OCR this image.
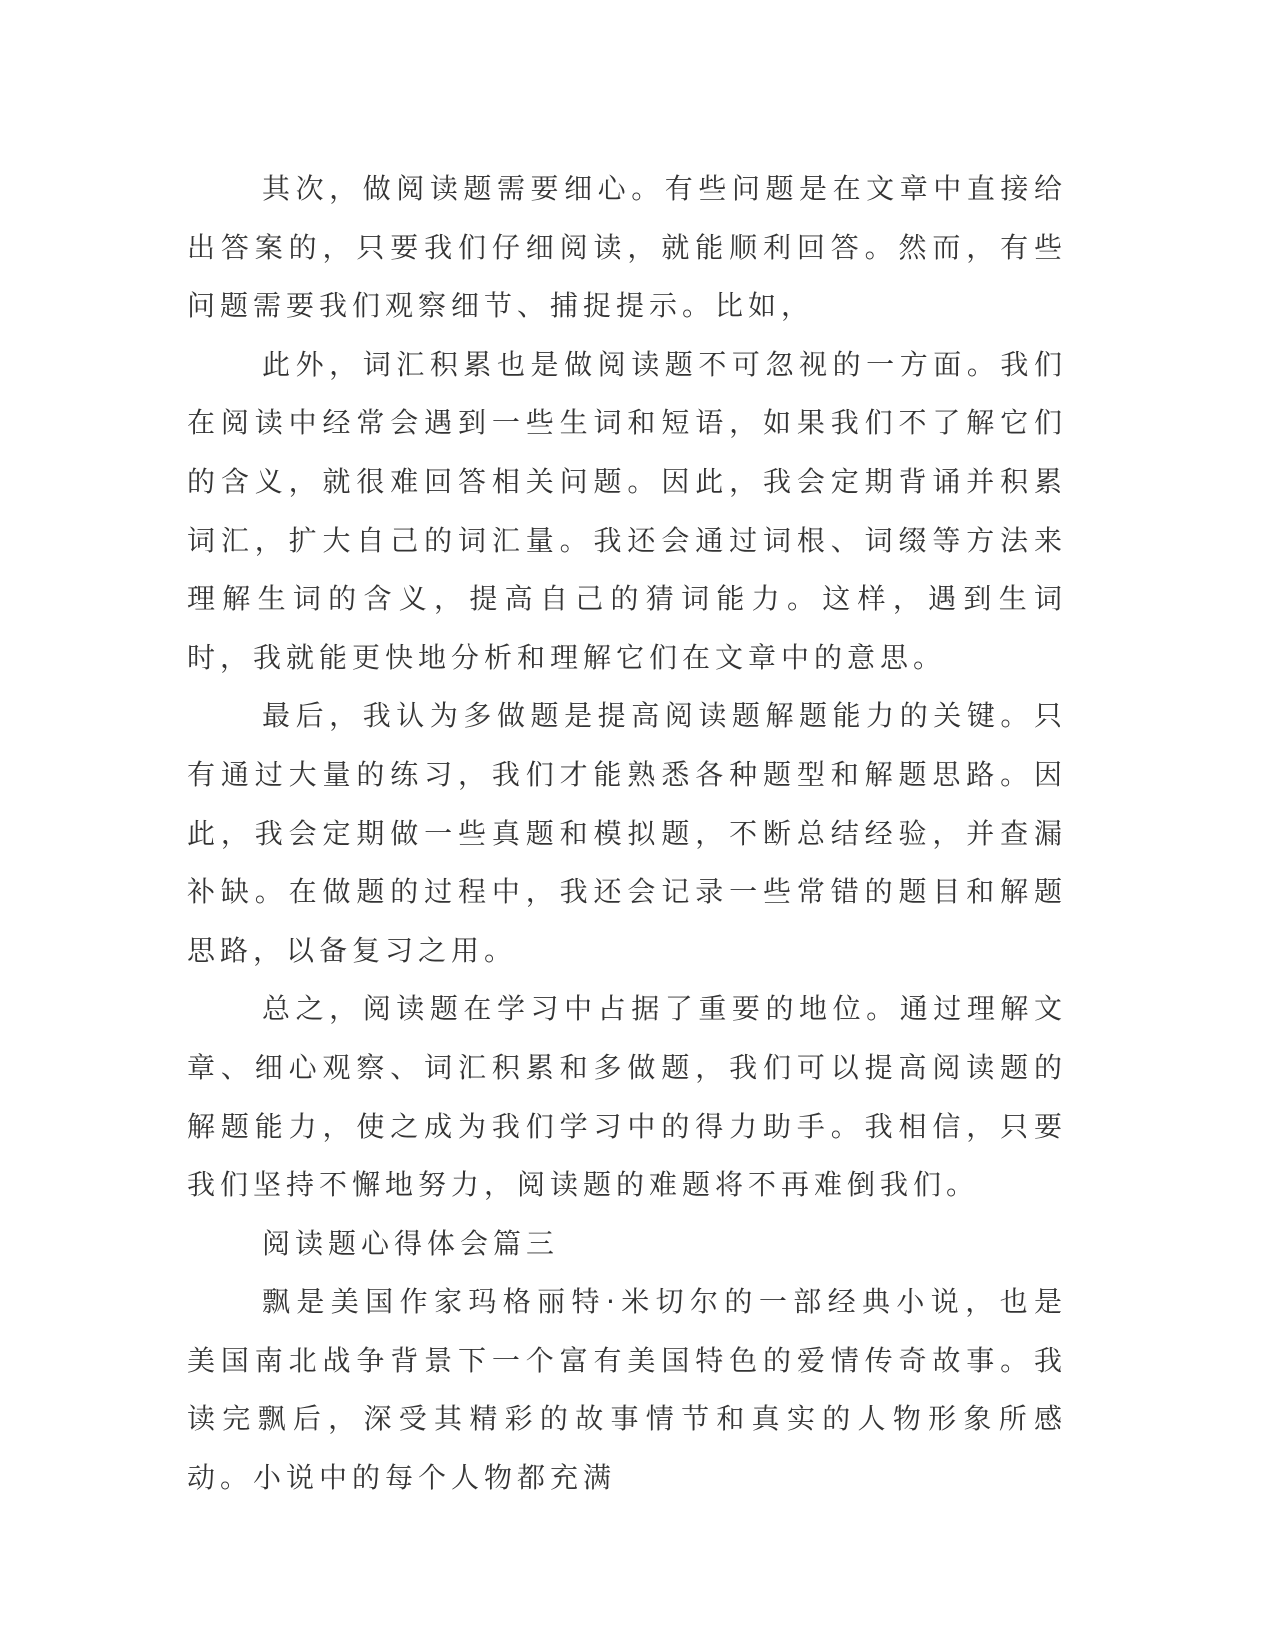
其次，做阅读题需要细心。有些问题是在文章中直接给出答案的，只要我们仔细阅读，就能顺利回答。然而，有些问题需要我们观察细节、捕捉提示。比如，

此外，词汇积累也是做阅读题不可忽视的一方面。我们在阅读中经常会遇到一些生词和短语，如果我们不了解它们的含义，就很难回答相关问题。因此，我会定期背诵并积累词汇，扩大自己的词汇量。我还会通过词根、词缀等方法来理解生词的含义，提高自己的猜词能力。这样，遇到生词时，我就能更快地分析和理解它们在文章中的意思。

最后，我认为多做题是提高阅读题解题能力的关键。只有通过大量的练习，我们才能熟悉各种题型和解题思路。因此，我会定期做一些真题和模拟题，不断总结经验，并查漏补缺。在做题的过程中，我还会记录一些常错的题目和解题思路，以备复习之用。

总之，阅读题在学习中占据了重要的地位。通过理解文章、细心观察、词汇积累和多做题，我们可以提高阅读题的解题能力，使之成为我们学习中的得力助手。我相信，只要我们坚持不懈地努力，阅读题的难题将不再难倒我们。

阅读题心得体会篇三

飘是美国作家玛格丽特·米切尔的一部经典小说，也是美国南北战争背景下一个富有美国特色的爱情传奇故事。我读完飘后，深受其精彩的故事情节和真实的人物形象所感动。小说中的每个人物都充满
